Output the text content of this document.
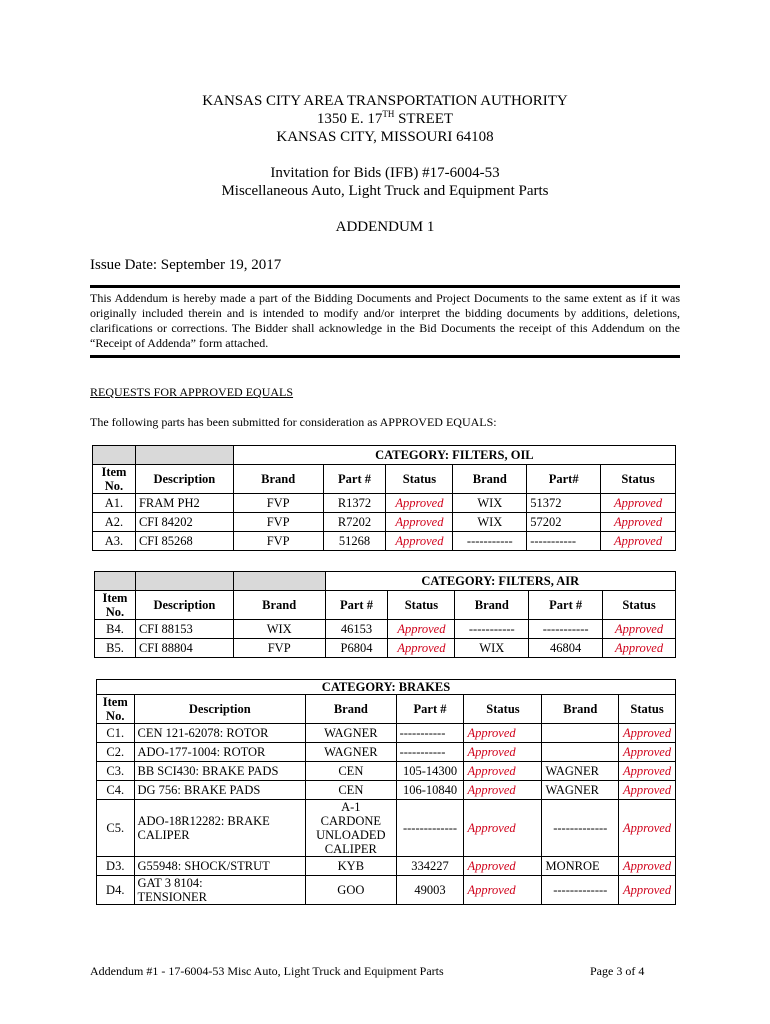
KANSAS CITY AREA TRANSPORTATION AUTHORITY
1350 E. 17TH STREET
KANSAS CITY, MISSOURI 64108
Invitation for Bids (IFB) #17-6004-53
Miscellaneous Auto, Light Truck and Equipment Parts
ADDENDUM 1
Issue Date: September 19, 2017
This Addendum is hereby made a part of the Bidding Documents and Project Documents to the same extent as if it was originally included therein and is intended to modify and/or interpret the bidding documents by additions, deletions, clarifications or corrections. The Bidder shall acknowledge in the Bid Documents the receipt of this Addendum on the “Receipt of Addenda” form attached.
REQUESTS FOR APPROVED EQUALS
The following parts has been submitted for consideration as APPROVED EQUALS:
		CATEGORY: FILTERS, OIL					
Item No.	Description	Brand	Part #	Status	Brand	Part#	Status
A1.	FRAM PH2	FVP	R1372	Approved	WIX	51372	Approved
A2.	CFI 84202	FVP	R7202	Approved	WIX	57202	Approved
A3.	CFI 85268	FVP	51268	Approved	-----------	-----------	Approved
			CATEGORY: FILTERS, AIR				
Item No.	Description	Brand	Part #	Status	Brand	Part #	Status
B4.	CFI 88153	WIX	46153	Approved	-----------	-----------	Approved
B5.	CFI 88804	FVP	P6804	Approved	WIX	46804	Approved
CATEGORY: BRAKES						
Item No.	Description	Brand	Part #	Status	Brand	Status
C1.	CEN 121-62078: ROTOR	WAGNER	-----------	Approved		Approved
C2.	ADO-177-1004: ROTOR	WAGNER	-----------	Approved		Approved
C3.	BB SCI430: BRAKE PADS	CEN	105-14300	Approved	WAGNER	Approved
C4.	DG 756: BRAKE PADS	CEN	106-10840	Approved	WAGNER	Approved
C5.	ADO-18R12282: BRAKE CALIPER	A-1 CARDONE UNLOADED CALIPER	-------------	Approved	-------------	Approved
D3.	G55948: SHOCK/STRUT	KYB	334227	Approved	MONROE	Approved
D4.	GAT 3 8104: TENSIONER	GOO	49003	Approved	-------------	Approved
Addendum #1 - 17-6004-53 Misc Auto, Light Truck and Equipment Parts	Page 3 of 4
